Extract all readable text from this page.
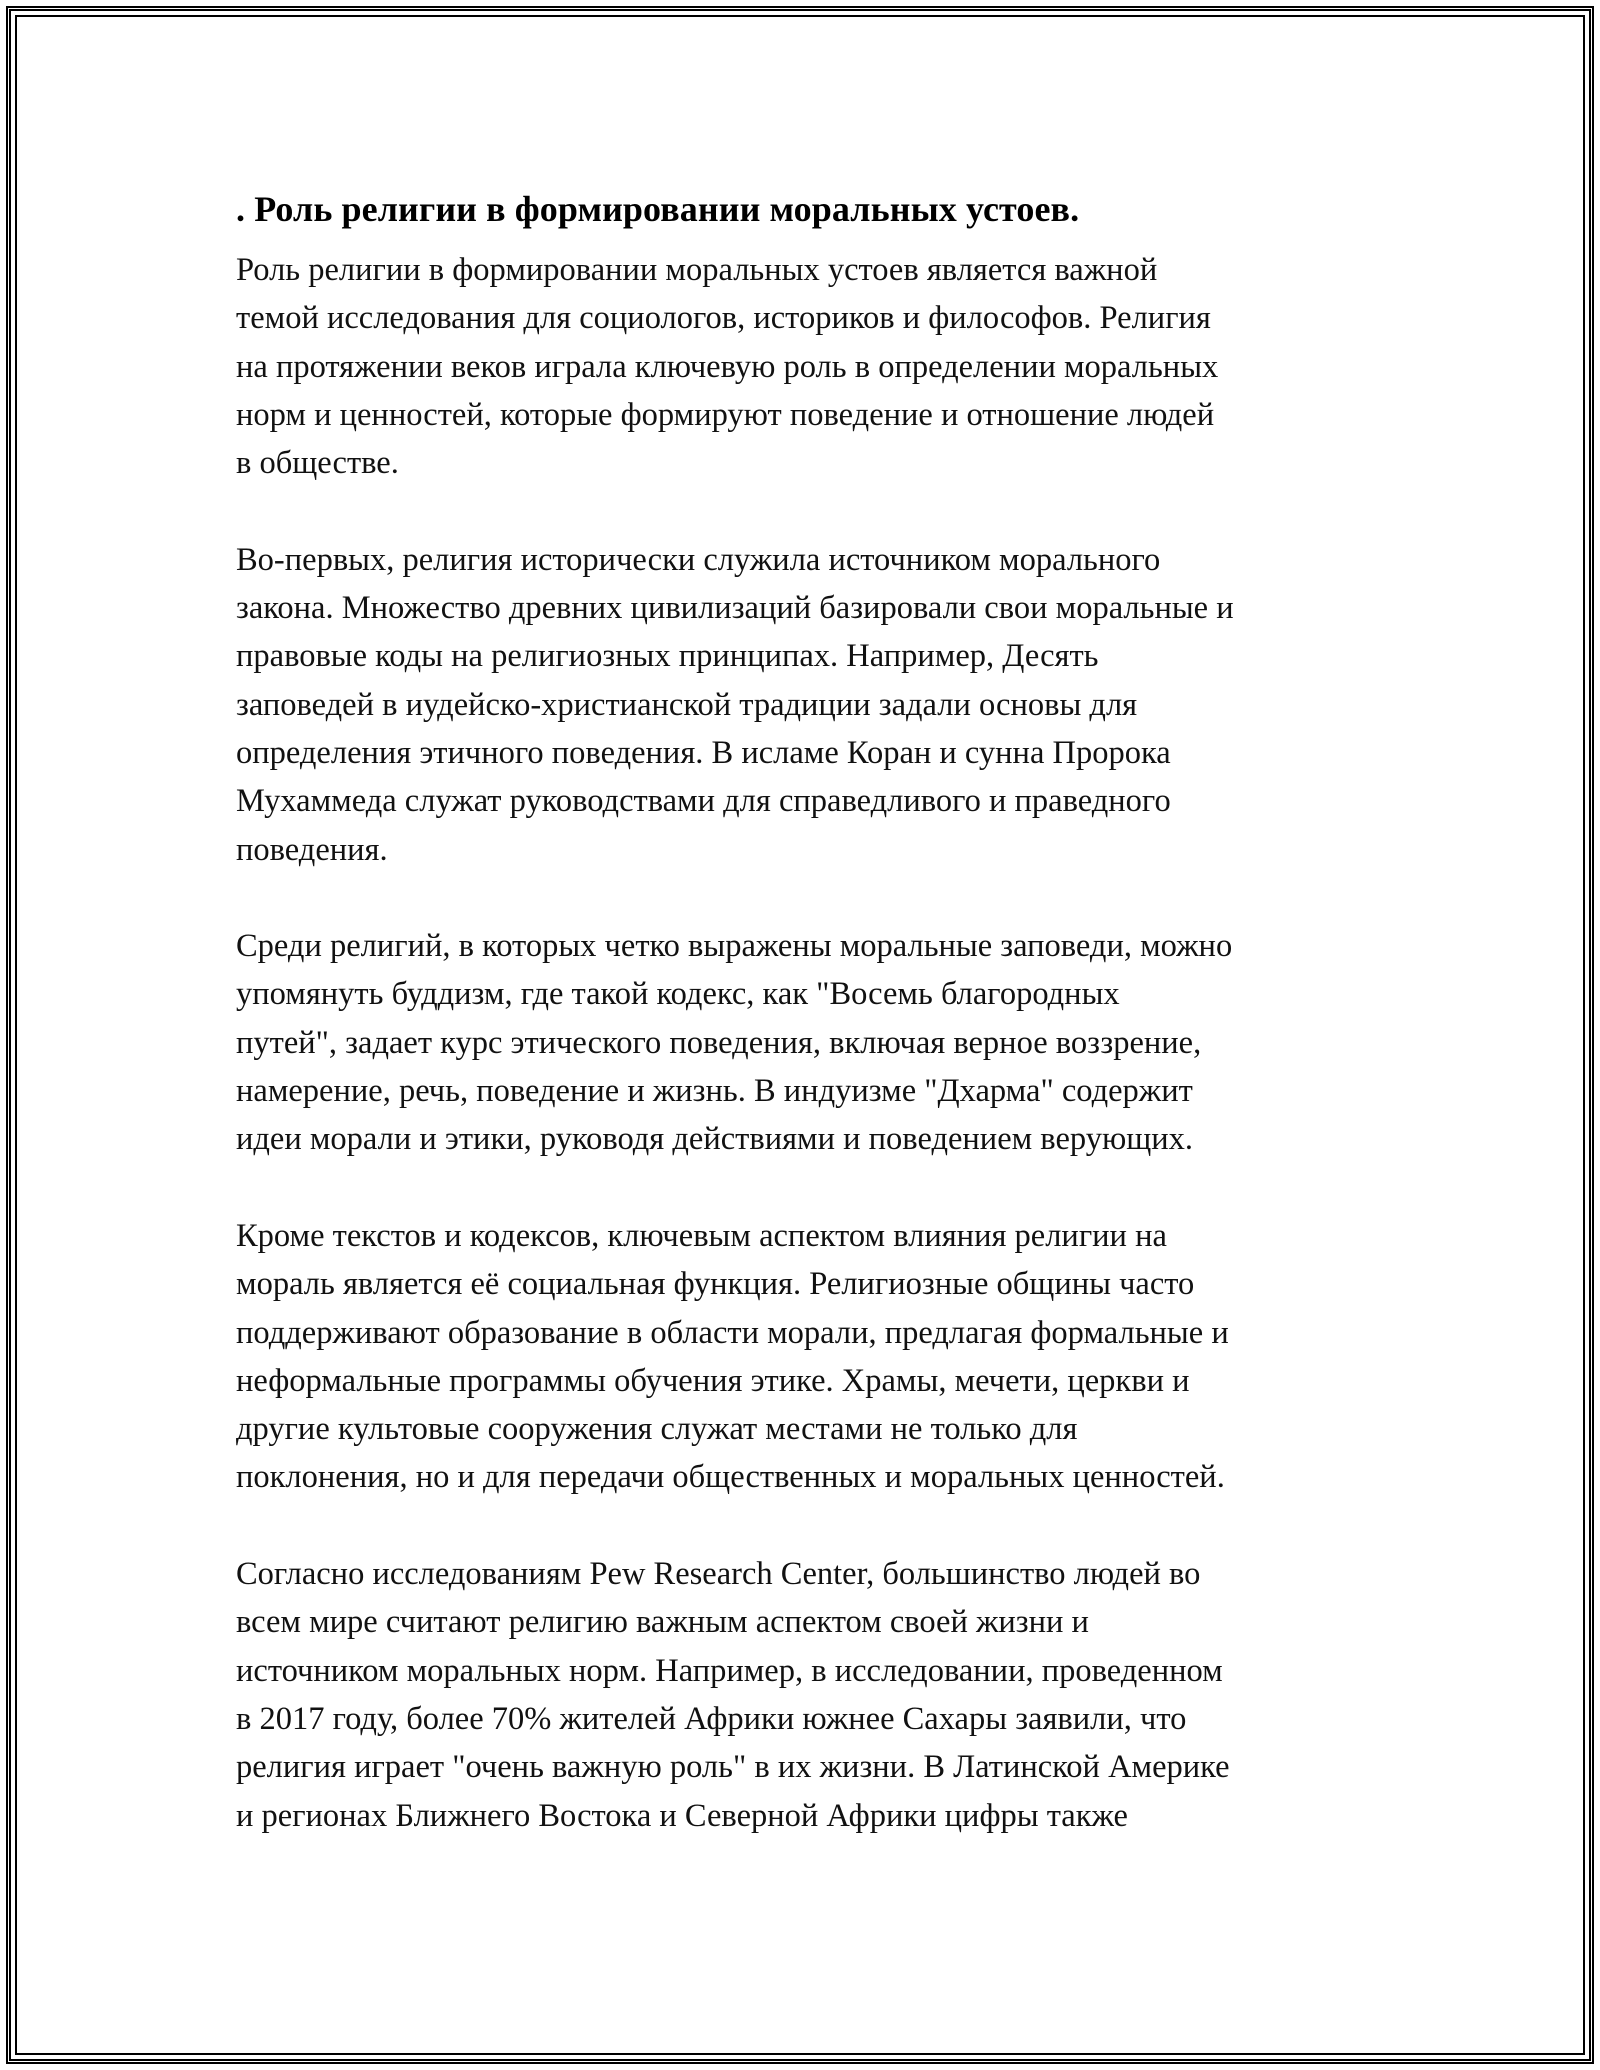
. Роль религии в формировании моральных устоев.
Роль религии в формировании моральных устоев является важной
темой исследования для социологов, историков и философов. Религия
на протяжении веков играла ключевую роль в определении моральных
норм и ценностей, которые формируют поведение и отношение людей
в обществе.
Во-первых, религия исторически служила источником морального
закона. Множество древних цивилизаций базировали свои моральные и
правовые коды на религиозных принципах. Например, Десять
заповедей в иудейско-христианской традиции задали основы для
определения этичного поведения. В исламе Коран и сунна Пророка
Мухаммеда служат руководствами для справедливого и праведного
поведения.
Среди религий, в которых четко выражены моральные заповеди, можно
упомянуть буддизм, где такой кодекс, как "Восемь благородных
путей", задает курс этического поведения, включая верное воззрение,
намерение, речь, поведение и жизнь. В индуизме "Дхарма" содержит
идеи морали и этики, руководя действиями и поведением верующих.
Кроме текстов и кодексов, ключевым аспектом влияния религии на
мораль является её социальная функция. Религиозные общины часто
поддерживают образование в области морали, предлагая формальные и
неформальные программы обучения этике. Храмы, мечети, церкви и
другие культовые сооружения служат местами не только для
поклонения, но и для передачи общественных и моральных ценностей.
Согласно исследованиям Pew Research Center, большинство людей во
всем мире считают религию важным аспектом своей жизни и
источником моральных норм. Например, в исследовании, проведенном
в 2017 году, более 70% жителей Африки южнее Сахары заявили, что
религия играет "очень важную роль" в их жизни. В Латинской Америке
и регионах Ближнего Востока и Северной Африки цифры также
